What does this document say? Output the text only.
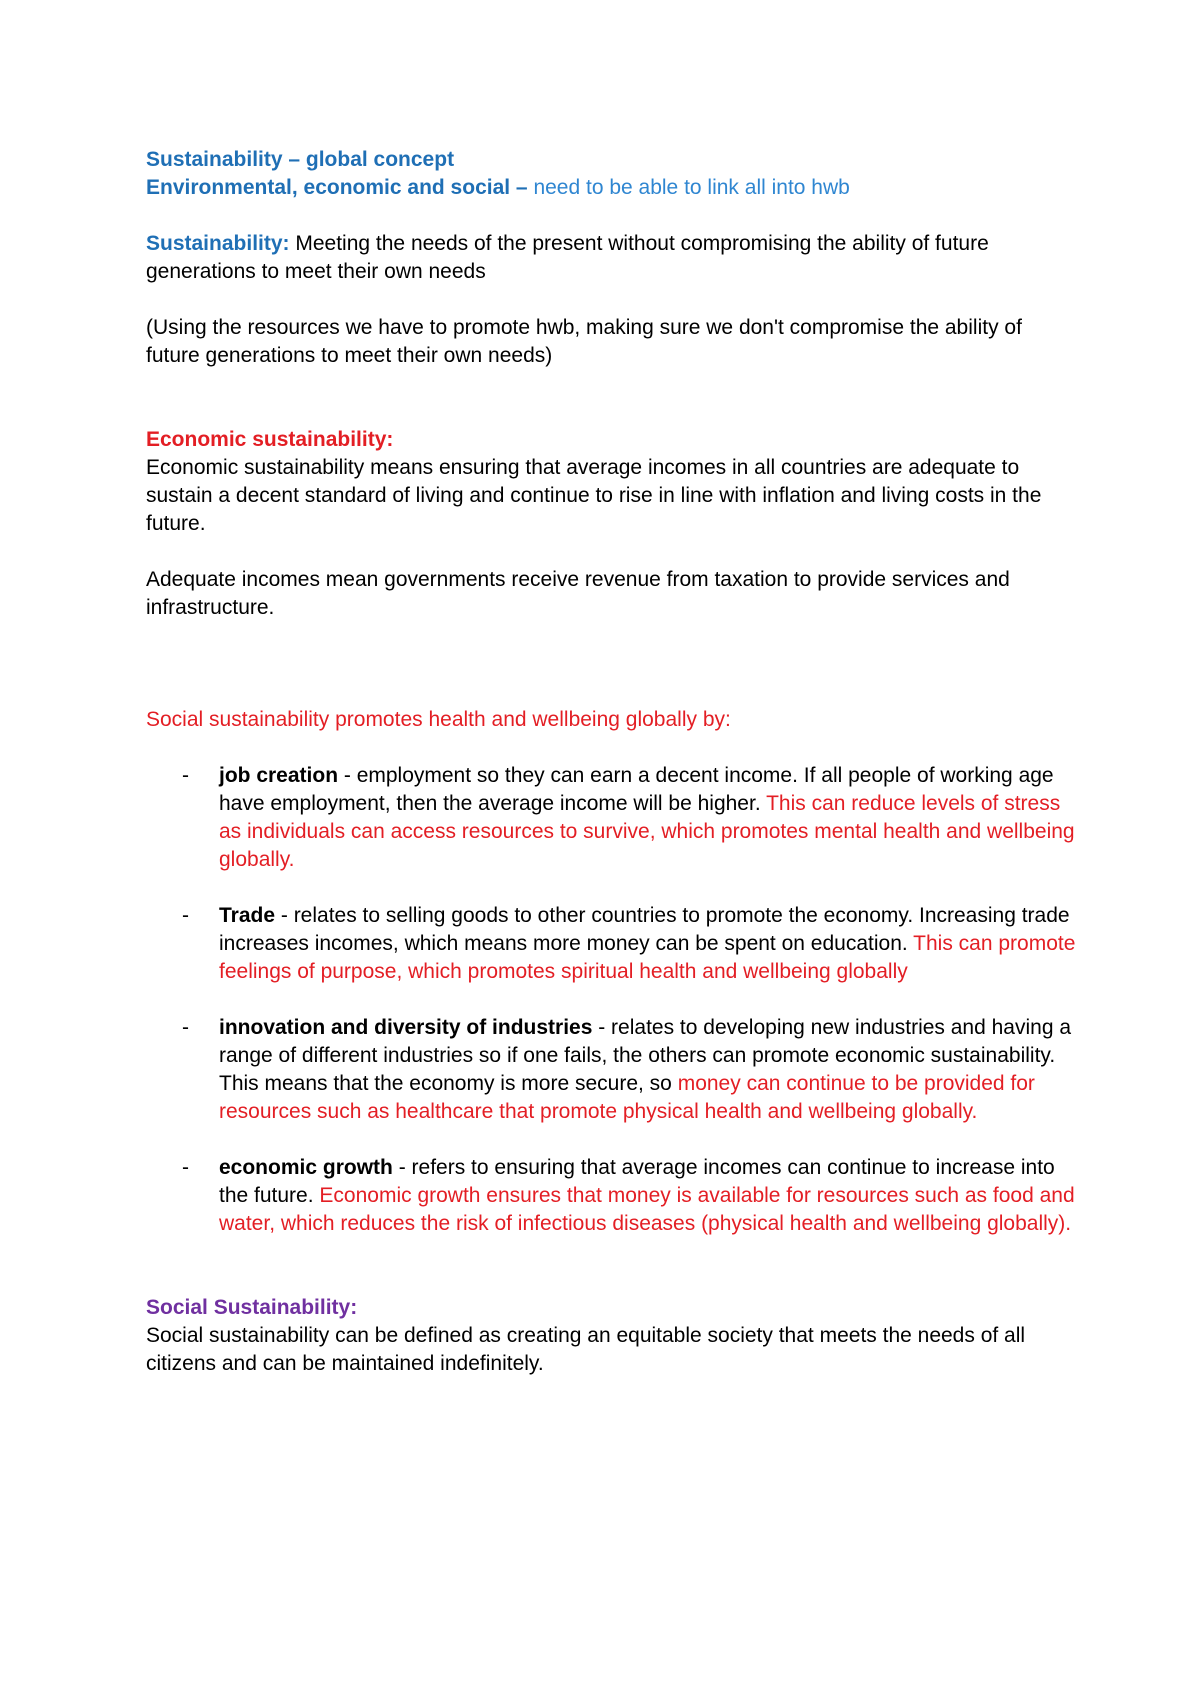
Sustainability – global concept

Environmental, economic and social – need to be able to link all into hwb

Sustainability: Meeting the needs of the present without compromising the ability of future generations to meet their own needs

(Using the resources we have to promote hwb, making sure we don't compromise the ability of future generations to meet their own needs)

Economic sustainability:

Economic sustainability means ensuring that average incomes in all countries are adequate to sustain a decent standard of living and continue to rise in line with inflation and living costs in the future.

Adequate incomes mean governments receive revenue from taxation to provide services and infrastructure.

Social sustainability promotes health and wellbeing globally by:

- job creation - employment so they can earn a decent income. If all people of working age have employment, then the average income will be higher. This can reduce levels of stress as individuals can access resources to survive, which promotes mental health and wellbeing globally.
- Trade - relates to selling goods to other countries to promote the economy. Increasing trade increases incomes, which means more money can be spent on education. This can promote feelings of purpose, which promotes spiritual health and wellbeing globally
- innovation and diversity of industries - relates to developing new industries and having a range of different industries so if one fails, the others can promote economic sustainability. This means that the economy is more secure, so money can continue to be provided for resources such as healthcare that promote physical health and wellbeing globally.
- economic growth - refers to ensuring that average incomes can continue to increase into the future. Economic growth ensures that money is available for resources such as food and water, which reduces the risk of infectious diseases (physical health and wellbeing globally).

Social Sustainability:

Social sustainability can be defined as creating an equitable society that meets the needs of all citizens and can be maintained indefinitely.
